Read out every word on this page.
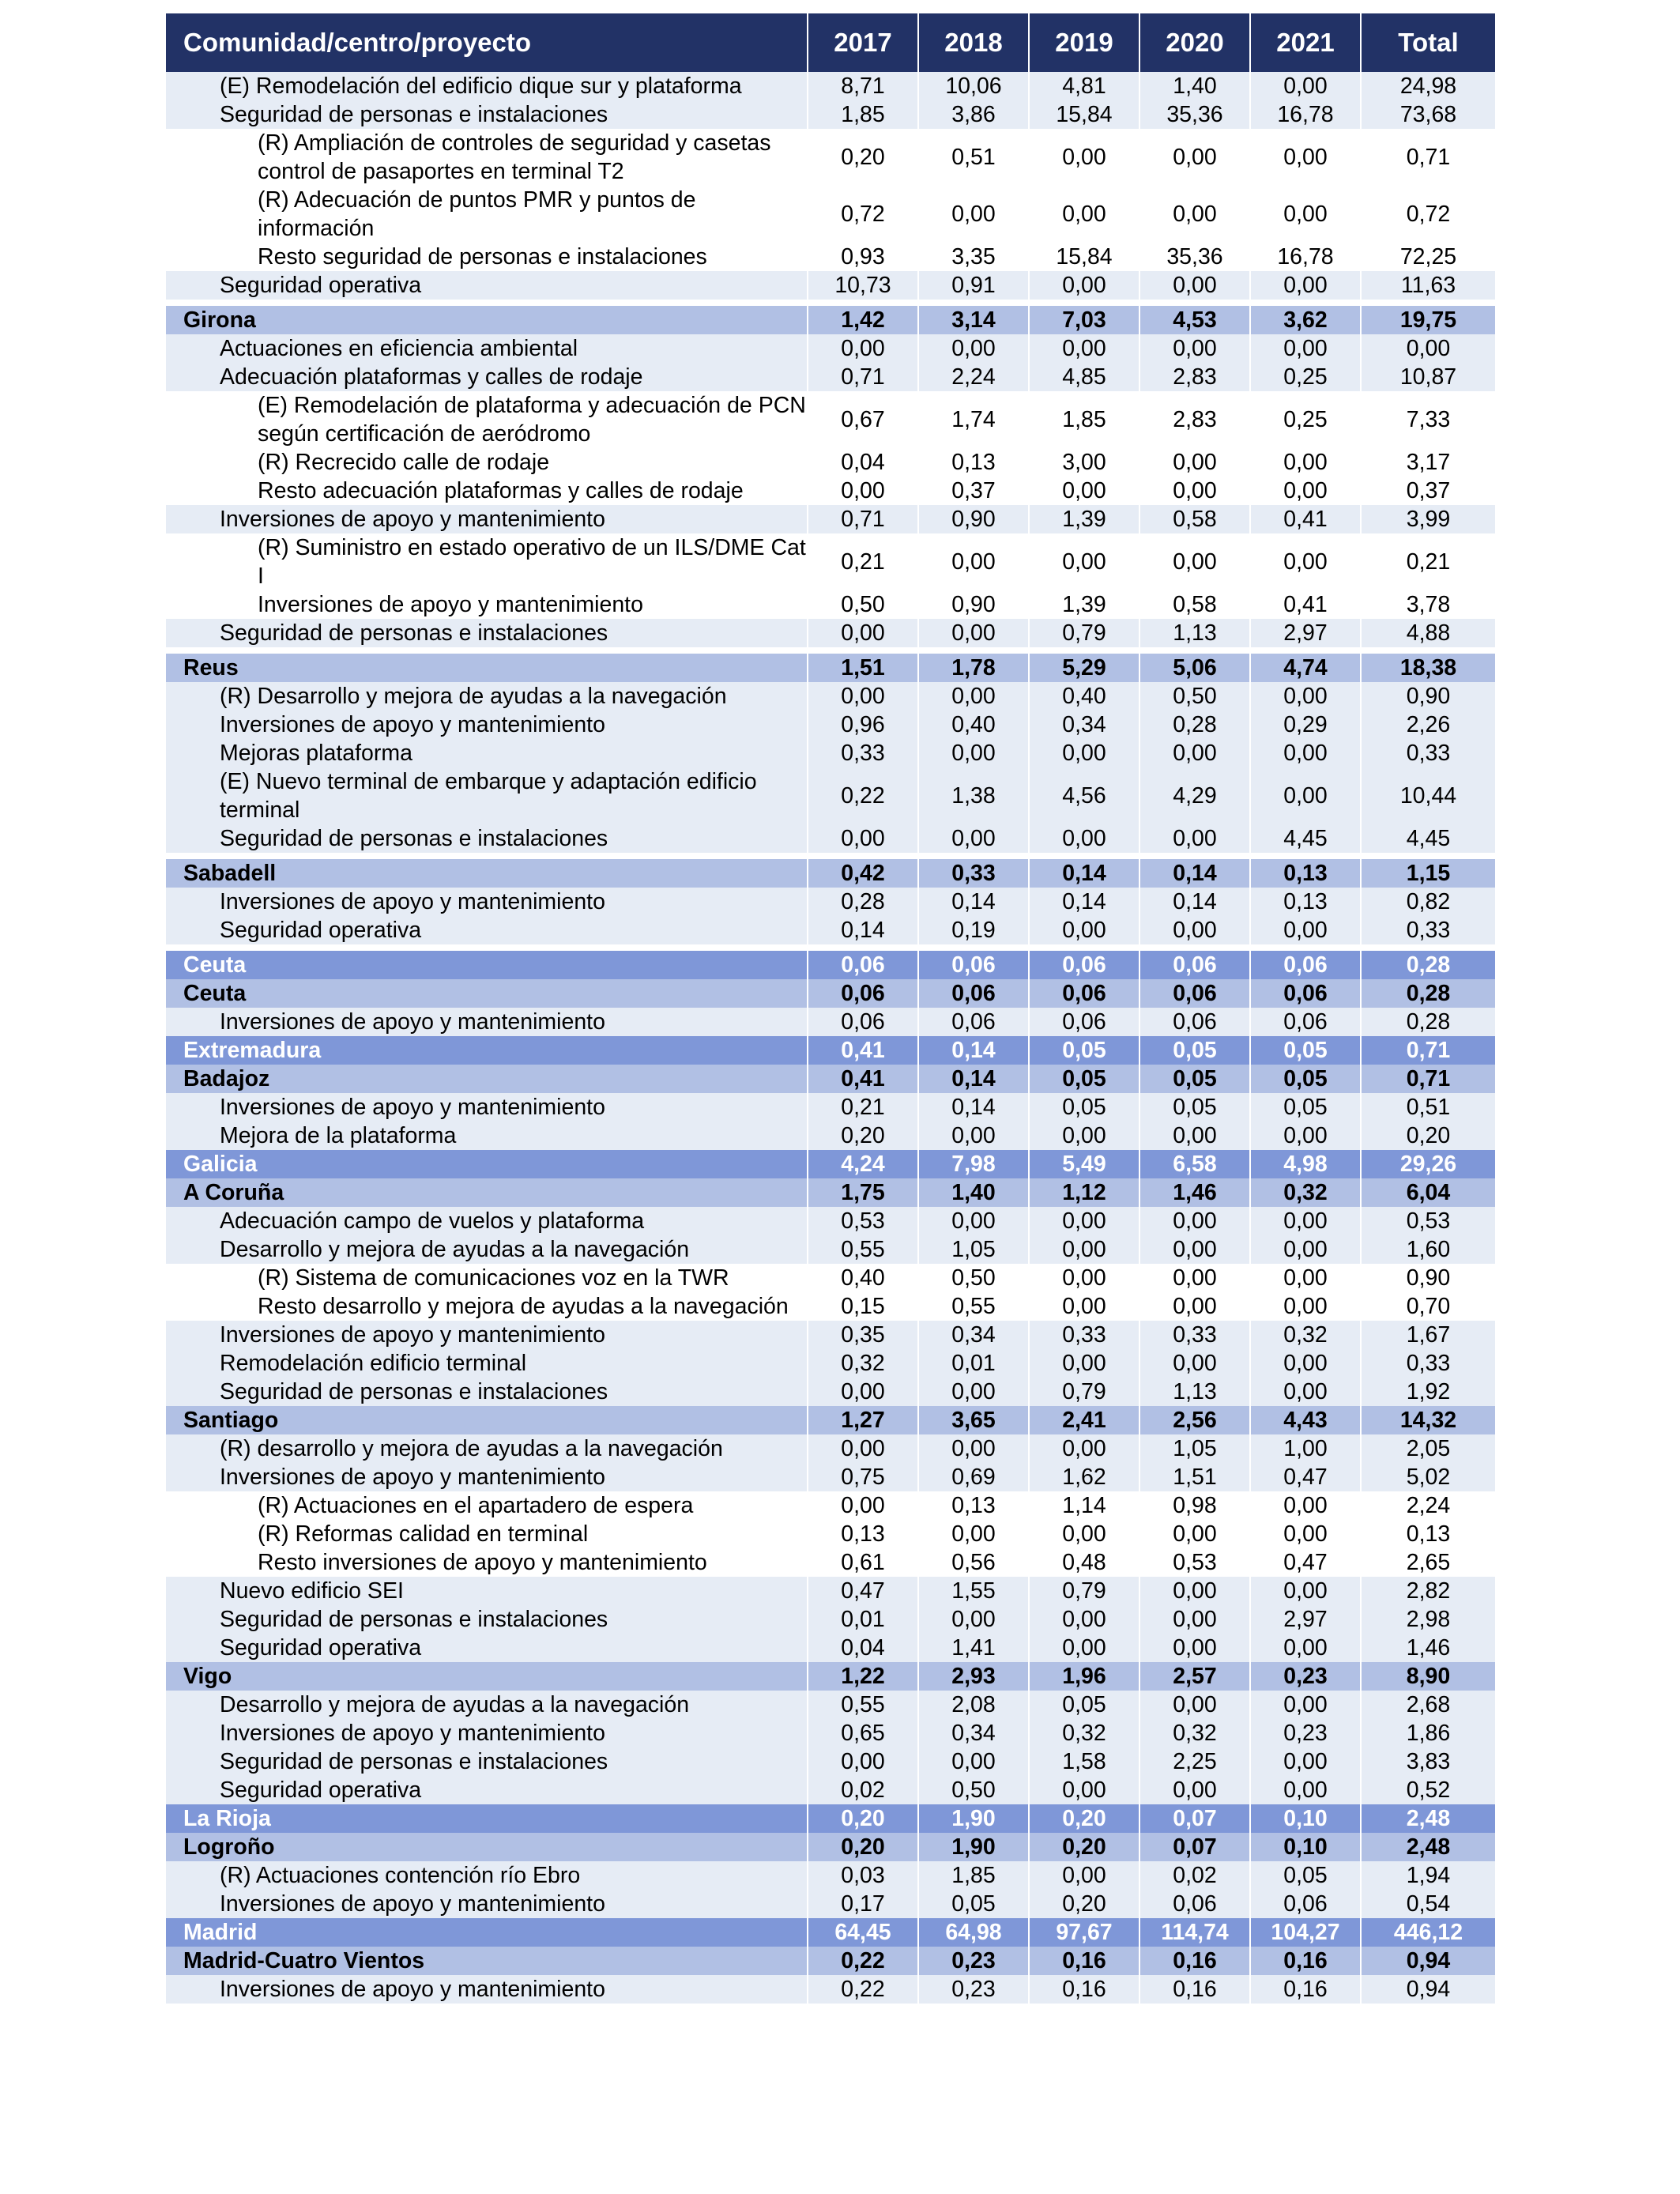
Comunidad/centro/proyecto	2017	2018	2019	2020	2021	Total
(E) Remodelación del edificio dique sur y plataforma	8,71	10,06	4,81	1,40	0,00	24,98
Seguridad de personas e instalaciones	1,85	3,86	15,84	35,36	16,78	73,68
(R) Ampliación de controles de seguridad y casetas control de pasaportes en terminal T2	0,20	0,51	0,00	0,00	0,00	0,71
(R) Adecuación de puntos PMR y puntos de información	0,72	0,00	0,00	0,00	0,00	0,72
Resto seguridad de personas e instalaciones	0,93	3,35	15,84	35,36	16,78	72,25
Seguridad operativa	10,73	0,91	0,00	0,00	0,00	11,63

Girona	1,42	3,14	7,03	4,53	3,62	19,75
Actuaciones en eficiencia ambiental	0,00	0,00	0,00	0,00	0,00	0,00
Adecuación plataformas y calles de rodaje	0,71	2,24	4,85	2,83	0,25	10,87
(E) Remodelación de plataforma y adecuación de PCN según certificación de aeródromo	0,67	1,74	1,85	2,83	0,25	7,33
(R) Recrecido calle de rodaje	0,04	0,13	3,00	0,00	0,00	3,17
Resto adecuación plataformas y calles de rodaje	0,00	0,37	0,00	0,00	0,00	0,37
Inversiones de apoyo y mantenimiento	0,71	0,90	1,39	0,58	0,41	3,99
(R) Suministro en estado operativo de un ILS/DME Cat I	0,21	0,00	0,00	0,00	0,00	0,21
Inversiones de apoyo y mantenimiento	0,50	0,90	1,39	0,58	0,41	3,78
Seguridad de personas e instalaciones	0,00	0,00	0,79	1,13	2,97	4,88

Reus	1,51	1,78	5,29	5,06	4,74	18,38
(R) Desarrollo y mejora de ayudas a la navegación	0,00	0,00	0,40	0,50	0,00	0,90
Inversiones de apoyo y mantenimiento	0,96	0,40	0,34	0,28	0,29	2,26
Mejoras plataforma	0,33	0,00	0,00	0,00	0,00	0,33
(E) Nuevo terminal de embarque y adaptación edificio terminal	0,22	1,38	4,56	4,29	0,00	10,44
Seguridad de personas e instalaciones	0,00	0,00	0,00	0,00	4,45	4,45

Sabadell	0,42	0,33	0,14	0,14	0,13	1,15
Inversiones de apoyo y mantenimiento	0,28	0,14	0,14	0,14	0,13	0,82
Seguridad operativa	0,14	0,19	0,00	0,00	0,00	0,33

Ceuta	0,06	0,06	0,06	0,06	0,06	0,28
Ceuta	0,06	0,06	0,06	0,06	0,06	0,28
Inversiones de apoyo y mantenimiento	0,06	0,06	0,06	0,06	0,06	0,28
Extremadura	0,41	0,14	0,05	0,05	0,05	0,71
Badajoz	0,41	0,14	0,05	0,05	0,05	0,71
Inversiones de apoyo y mantenimiento	0,21	0,14	0,05	0,05	0,05	0,51
Mejora de la plataforma	0,20	0,00	0,00	0,00	0,00	0,20
Galicia	4,24	7,98	5,49	6,58	4,98	29,26
A Coruña	1,75	1,40	1,12	1,46	0,32	6,04
Adecuación campo de vuelos y plataforma	0,53	0,00	0,00	0,00	0,00	0,53
Desarrollo y mejora de ayudas a la navegación	0,55	1,05	0,00	0,00	0,00	1,60
(R) Sistema de comunicaciones voz en la TWR	0,40	0,50	0,00	0,00	0,00	0,90
Resto desarrollo y mejora de ayudas a la navegación	0,15	0,55	0,00	0,00	0,00	0,70
Inversiones de apoyo y mantenimiento	0,35	0,34	0,33	0,33	0,32	1,67
Remodelación edificio terminal	0,32	0,01	0,00	0,00	0,00	0,33
Seguridad de personas e instalaciones	0,00	0,00	0,79	1,13	0,00	1,92
Santiago	1,27	3,65	2,41	2,56	4,43	14,32
(R) desarrollo y mejora de ayudas a la navegación	0,00	0,00	0,00	1,05	1,00	2,05
Inversiones de apoyo y mantenimiento	0,75	0,69	1,62	1,51	0,47	5,02
(R) Actuaciones en el apartadero de espera	0,00	0,13	1,14	0,98	0,00	2,24
(R) Reformas calidad en terminal	0,13	0,00	0,00	0,00	0,00	0,13
Resto inversiones de apoyo y mantenimiento	0,61	0,56	0,48	0,53	0,47	2,65
Nuevo edificio SEI	0,47	1,55	0,79	0,00	0,00	2,82
Seguridad de personas e instalaciones	0,01	0,00	0,00	0,00	2,97	2,98
Seguridad operativa	0,04	1,41	0,00	0,00	0,00	1,46
Vigo	1,22	2,93	1,96	2,57	0,23	8,90
Desarrollo y mejora de ayudas a la navegación	0,55	2,08	0,05	0,00	0,00	2,68
Inversiones de apoyo y mantenimiento	0,65	0,34	0,32	0,32	0,23	1,86
Seguridad de personas e instalaciones	0,00	0,00	1,58	2,25	0,00	3,83
Seguridad operativa	0,02	0,50	0,00	0,00	0,00	0,52
La Rioja	0,20	1,90	0,20	0,07	0,10	2,48
Logroño	0,20	1,90	0,20	0,07	0,10	2,48
(R) Actuaciones contención río Ebro	0,03	1,85	0,00	0,02	0,05	1,94
Inversiones de apoyo y mantenimiento	0,17	0,05	0,20	0,06	0,06	0,54
Madrid	64,45	64,98	97,67	114,74	104,27	446,12
Madrid-Cuatro Vientos	0,22	0,23	0,16	0,16	0,16	0,94
Inversiones de apoyo y mantenimiento	0,22	0,23	0,16	0,16	0,16	0,94
